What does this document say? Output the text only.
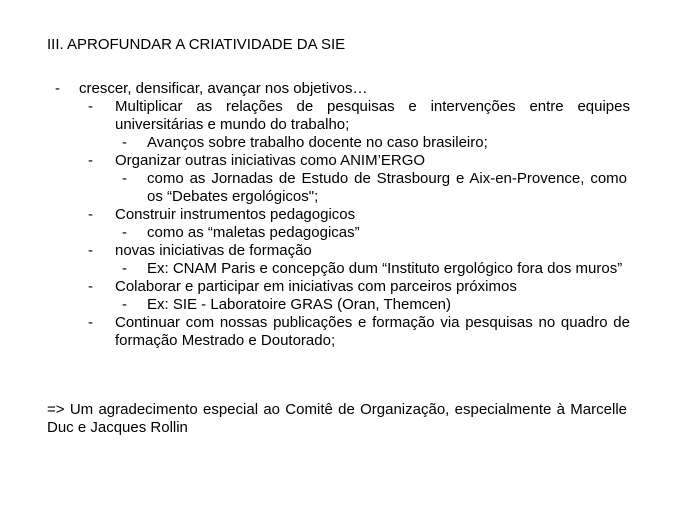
III. APROFUNDAR A CRIATIVIDADE DA SIE
- crescer, densificar, avançar nos objetivos…
- Multiplicar as relações de pesquisas e intervenções entre equipes universitárias e mundo do trabalho;
- Avanços sobre trabalho docente no caso brasileiro;
- Organizar outras iniciativas como ANIM’ERGO
- como as Jornadas de Estudo de Strasbourg e Aix-en-Provence, como os “Debates ergológicos";
- Construir instrumentos pedagogicos
- como as “maletas pedagogicas”
- novas iniciativas de formação
- Ex: CNAM Paris e concepção dum “Instituto ergológico fora dos muros”
- Colaborar e participar em iniciativas com parceiros próximos
- Ex: SIE - Laboratoire GRAS (Oran, Themcen)
- Continuar com nossas publicações e formação via pesquisas no quadro de formação Mestrado e Doutorado;
=> Um agradecimento especial ao Comitê de Organização, especialmente à Marcelle Duc e Jacques Rollin
